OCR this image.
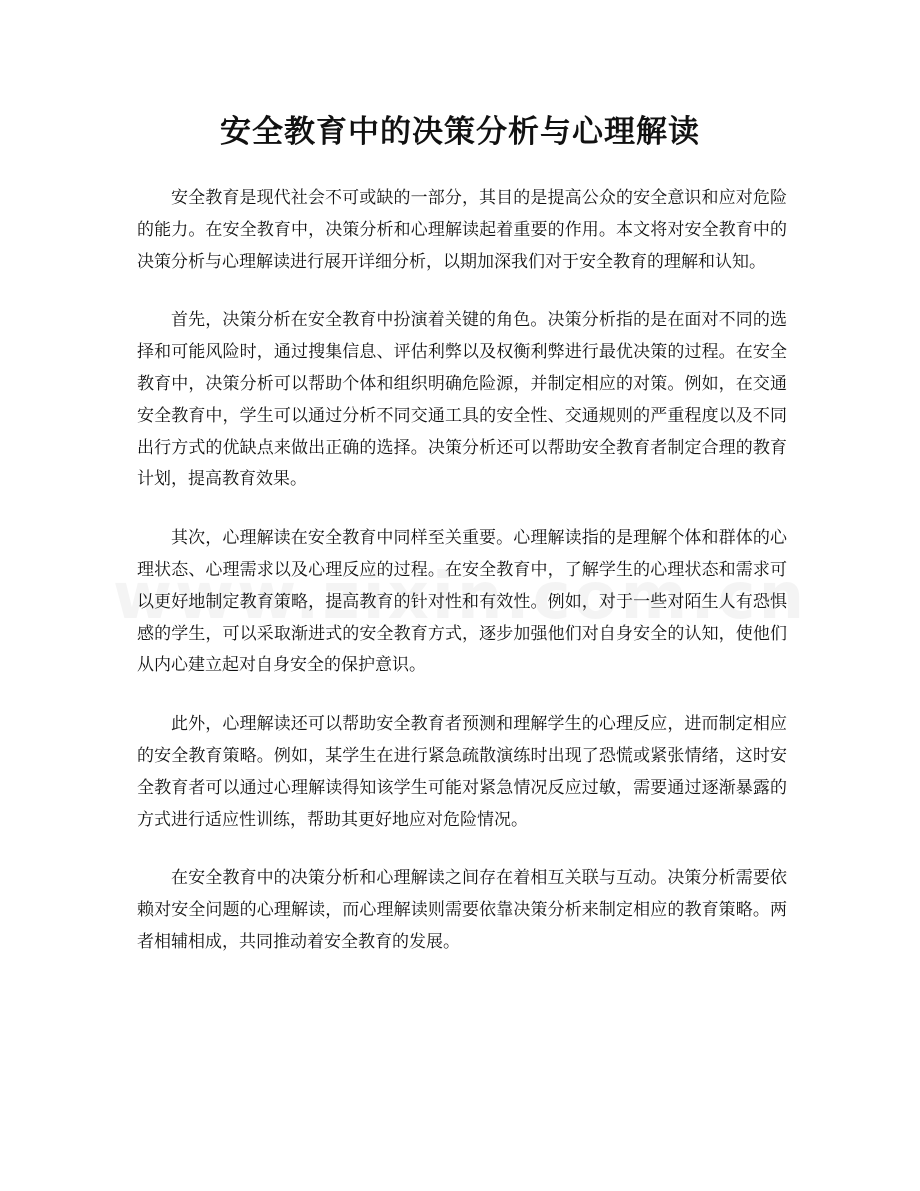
安全教育中的决策分析与心理解读

安全教育是现代社会不可或缺的一部分，其目的是提高公众的安全意识和应对危险的能力。在安全教育中，决策分析和心理解读起着重要的作用。本文将对安全教育中的决策分析与心理解读进行展开详细分析，以期加深我们对于安全教育的理解和认知。

首先，决策分析在安全教育中扮演着关键的角色。决策分析指的是在面对不同的选择和可能风险时，通过搜集信息、评估利弊以及权衡利弊进行最优决策的过程。在安全教育中，决策分析可以帮助个体和组织明确危险源，并制定相应的对策。例如，在交通安全教育中，学生可以通过分析不同交通工具的安全性、交通规则的严重程度以及不同出行方式的优缺点来做出正确的选择。决策分析还可以帮助安全教育者制定合理的教育计划，提高教育效果。

其次，心理解读在安全教育中同样至关重要。心理解读指的是理解个体和群体的心理状态、心理需求以及心理反应的过程。在安全教育中，了解学生的心理状态和需求可以更好地制定教育策略，提高教育的针对性和有效性。例如，对于一些对陌生人有恐惧感的学生，可以采取渐进式的安全教育方式，逐步加强他们对自身安全的认知，使他们从内心建立起对自身安全的保护意识。

此外，心理解读还可以帮助安全教育者预测和理解学生的心理反应，进而制定相应的安全教育策略。例如，某学生在进行紧急疏散演练时出现了恐慌或紧张情绪，这时安全教育者可以通过心理解读得知该学生可能对紧急情况反应过敏，需要通过逐渐暴露的方式进行适应性训练，帮助其更好地应对危险情况。

在安全教育中的决策分析和心理解读之间存在着相互关联与互动。决策分析需要依赖对安全问题的心理解读，而心理解读则需要依靠决策分析来制定相应的教育策略。两者相辅相成，共同推动着安全教育的发展。
